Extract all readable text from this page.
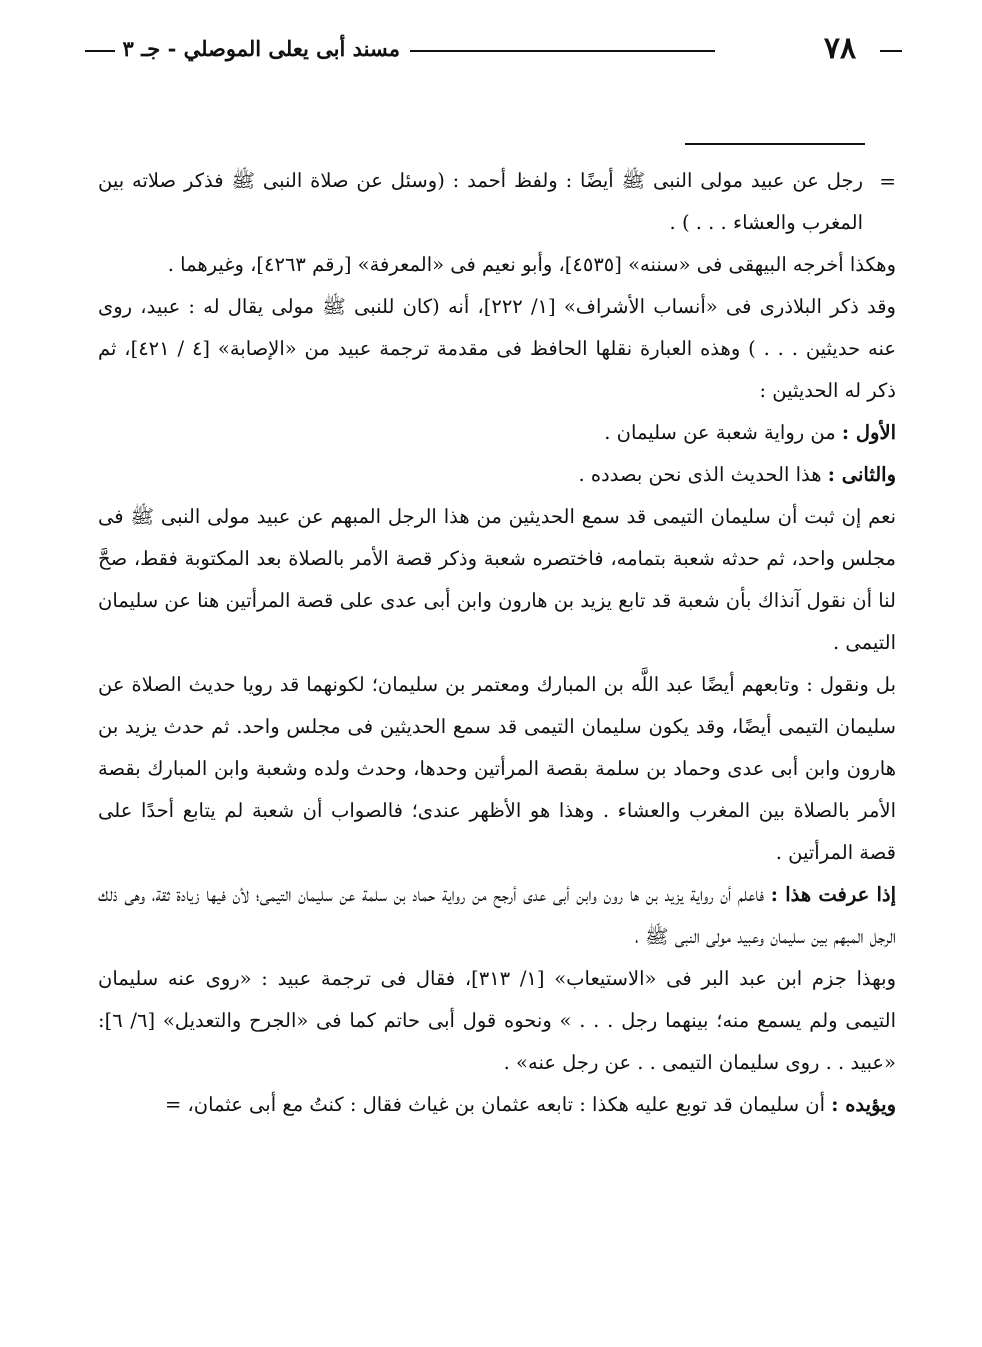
مسند أبى يعلى الموصلي - جـ ٣	٧٨

=
رجل عن عبيد مولى النبى ﷺ أيضًا : ولفظ أحمد : (وسئل عن صلاة النبى ﷺ فذكر صلاته بين المغرب والعشاء . . . ) .

وهكذا أخرجه البيهقى فى «سننه» [٤٥٣٥]، وأبو نعيم فى «المعرفة» [رقم ٤٢٦٣]، وغيرهما .

وقد ذكر البلاذرى فى «أنساب الأشراف» [١/ ٢٢٢]، أنه (كان للنبى ﷺ مولى يقال له : عبيد، روى عنه حديثين . . . ) وهذه العبارة نقلها الحافظ فى مقدمة ترجمة عبيد من «الإصابة» [٤ / ٤٢١]، ثم ذكر له الحديثين :

الأول : من رواية شعبة عن سليمان .

والثانى : هذا الحديث الذى نحن بصدده .

نعم إن ثبت أن سليمان التيمى قد سمع الحديثين من هذا الرجل المبهم عن عبيد مولى النبى ﷺ فى مجلس واحد، ثم حدثه شعبة بتمامه، فاختصره شعبة وذكر قصة الأمر بالصلاة بعد المكتوبة فقط، صحَّ لنا أن نقول آنذاك بأن شعبة قد تابع يزيد بن هارون وابن أبى عدى على قصة المرأتين هنا عن سليمان التيمى .

بل ونقول : وتابعهم أيضًا عبد اللَّه بن المبارك ومعتمر بن سليمان؛ لكونهما قد رويا حديث الصلاة عن سليمان التيمى أيضًا، وقد يكون سليمان التيمى قد سمع الحديثين فى مجلس واحد. ثم حدث يزيد بن هارون وابن أبى عدى وحماد بن سلمة بقصة المرأتين وحدها، وحدث ولده وشعبة وابن المبارك بقصة الأمر بالصلاة بين المغرب والعشاء . وهذا هو الأظهر عندى؛ فالصواب أن شعبة لم يتابع أحدًا على قصة المرأتين .

إذا عرفت هذا : فاعلم أن رواية يزيد بن ها رون وابن أبى عدى أرجح من رواية حماد بن سلمة عن سليمان التيمى؛ لأن فيها زيادة ثقة، وهى ذلك الرجل المبهم بين سليمان وعبيد مولى النبى ﷺ ،

وبهذا جزم ابن عبد البر فى «الاستيعاب» [١/ ٣١٣]، فقال فى ترجمة عبيد : «روى عنه سليمان التيمى ولم يسمع منه؛ بينهما رجل . . . » ونحوه قول أبى حاتم كما فى «الجرح والتعديل» [٦/ ٦]: «عبيد . . روى سليمان التيمى . . عن رجل عنه» .

ويؤيده : أن سليمان قد توبع عليه هكذا : تابعه عثمان بن غياث فقال : كنتُ مع أبى عثمان، =
